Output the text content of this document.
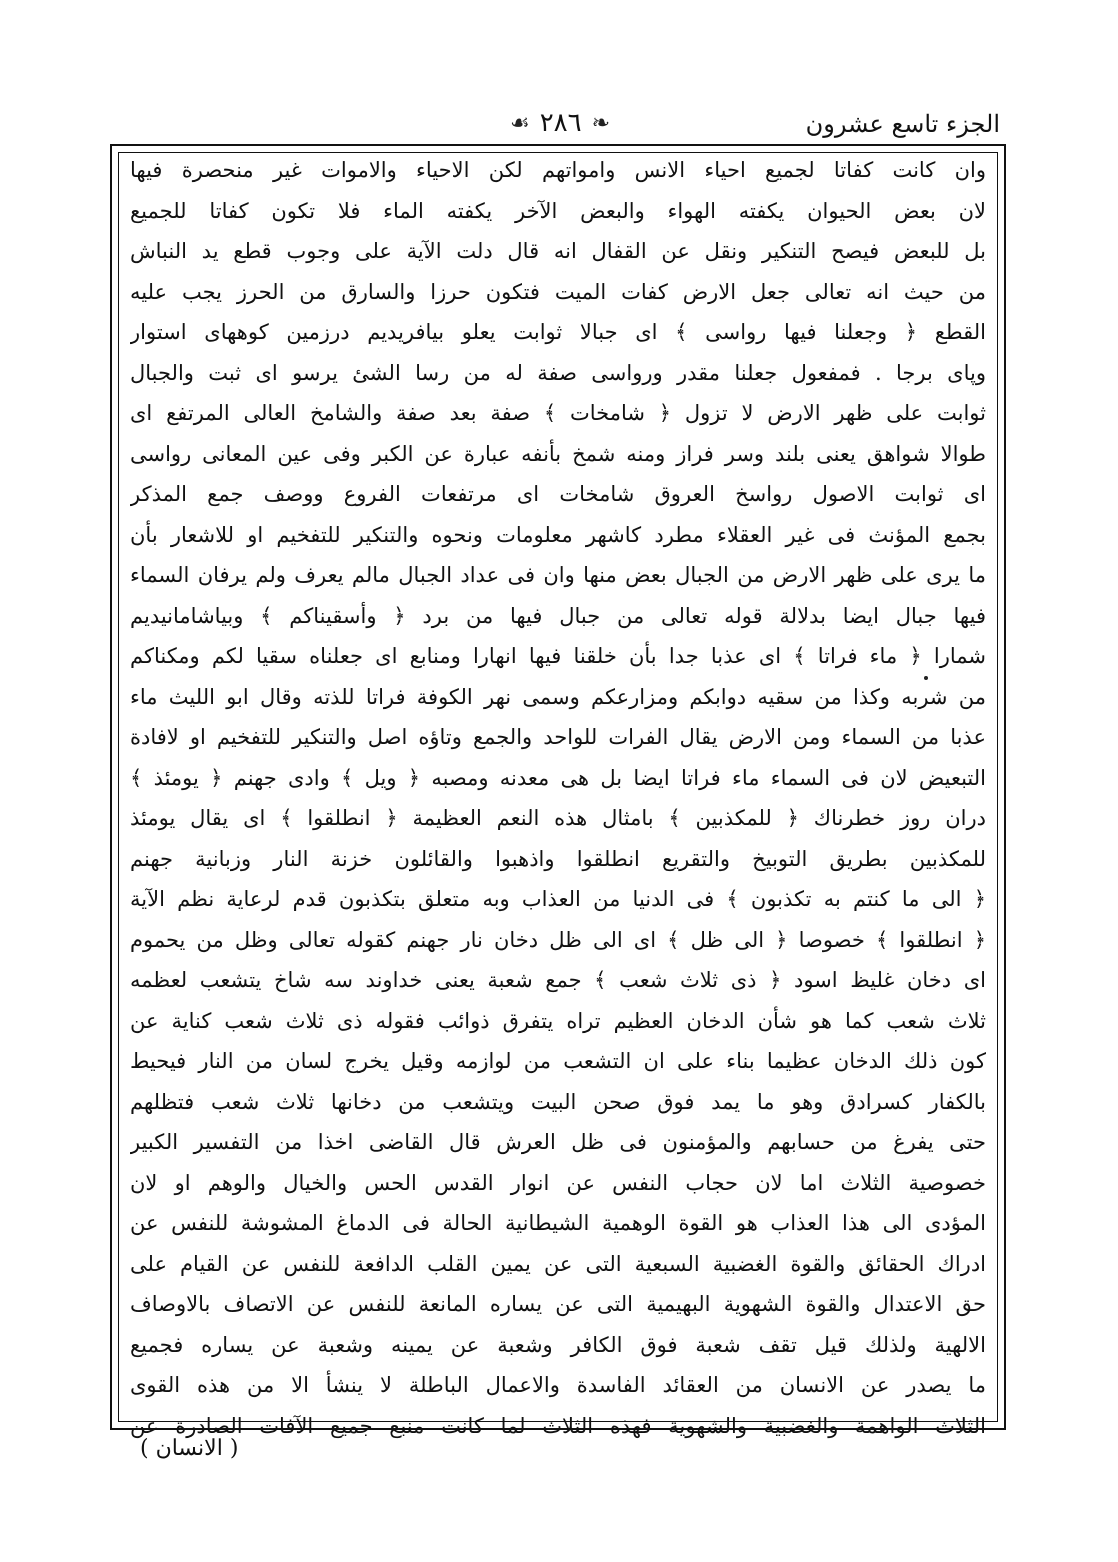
الجزء تاسع عشرون
❧
٢٨٦
☙
وان كانت كفاتا لجميع احياء الانس وامواتهم لكن الاحياء والاموات غير منحصرة فيها
لان بعض الحيوان يكفته الهواء والبعض الآخر يكفته الماء فلا تكون كفاتا للجميع
بل للبعض فيصح التنكير ونقل عن القفال انه قال دلت الآية على وجوب قطع يد النباش
من حيث انه تعالى جعل الارض كفات الميت فتكون حرزا والسارق من الحرز يجب عليه
القطع ﴿ وجعلنا فيها رواسى ﴾ اى جبالا ثوابت يعلو بيافريديم درزمين كوههاى استوار
وپاى برجا . فمفعول جعلنا مقدر ورواسى صفة له من رسا الشئ يرسو اى ثبت والجبال
ثوابت على ظهر الارض لا تزول ﴿ شامخات ﴾ صفة بعد صفة والشامخ العالى المرتفع اى
طوالا شواهق يعنى بلند وسر فراز ومنه شمخ بأنفه عبارة عن الكبر وفى عين المعانى رواسى
اى ثوابت الاصول رواسخ العروق شامخات اى مرتفعات الفروع ووصف جمع المذكر
بجمع المؤنث فى غير العقلاء مطرد كاشهر معلومات ونحوه والتنكير للتفخيم او للاشعار بأن
ما يرى على ظهر الارض من الجبال بعض منها وان فى عداد الجبال مالم يعرف ولم يرفان السماء
فيها جبال ايضا بدلالة قوله تعالى من جبال فيها من برد ﴿ وأسقيناكم ﴾ وبياشامانيديم
شمارا ﴿ ماء فراتا ﴾ اى عذبا جدا بأن خلقنا فيها انهارا ومنابع اى جعلناه سقيا لكم ومكناكم
من شربه وكذا من سقيه دوابكم ومزارعكم وسمى نهر الكوفة فراتا للذته وقال ابو الليث ماء
عذبا من السماء ومن الارض يقال الفرات للواحد والجمع وتاؤه اصل والتنكير للتفخيم او لافادة
التبعيض لان فى السماء ماء فراتا ايضا بل هى معدنه ومصبه ﴿ ويل ﴾ وادى جهنم ﴿ يومئذ ﴾
دران روز خطرناك ﴿ للمكذبين ﴾ بامثال هذه النعم العظيمة ﴿ انطلقوا ﴾ اى يقال يومئذ
للمكذبين بطريق التوبيخ والتقريع انطلقوا واذهبوا والقائلون خزنة النار وزبانية جهنم
﴿ الى ما كنتم به تكذبون ﴾ فى الدنيا من العذاب وبه متعلق بتكذبون قدم لرعاية نظم الآية
﴿ انطلقوا ﴾ خصوصا ﴿ الى ظل ﴾ اى الى ظل دخان نار جهنم كقوله تعالى وظل من يحموم
اى دخان غليظ اسود ﴿ ذى ثلاث شعب ﴾ جمع شعبة يعنى خداوند سه شاخ يتشعب لعظمه
ثلاث شعب كما هو شأن الدخان العظيم تراه يتفرق ذوائب فقوله ذى ثلاث شعب كناية عن
كون ذلك الدخان عظيما بناء على ان التشعب من لوازمه وقيل يخرج لسان من النار فيحيط
بالكفار كسرادق وهو ما يمد فوق صحن البيت ويتشعب من دخانها ثلاث شعب فتظلهم
حتى يفرغ من حسابهم والمؤمنون فى ظل العرش قال القاضى اخذا من التفسير الكبير
خصوصية الثلاث اما لان حجاب النفس عن انوار القدس الحس والخيال والوهم او لان
المؤدى الى هذا العذاب هو القوة الوهمية الشيطانية الحالة فى الدماغ المشوشة للنفس عن
ادراك الحقائق والقوة الغضبية السبعية التى عن يمين القلب الدافعة للنفس عن القيام على
حق الاعتدال والقوة الشهوية البهيمية التى عن يساره المانعة للنفس عن الاتصاف بالاوصاف
الالهية ولذلك قيل تقف شعبة فوق الكافر وشعبة عن يمينه وشعبة عن يساره فجميع
ما يصدر عن الانسان من العقائد الفاسدة والاعمال الباطلة لا ينشأ الا من هذه القوى
الثلاث الواهمة والغضبية والشهوية فهذه الثلاث لما كانت منبع جميع الآفات الصادرة عن
( الانسان )
